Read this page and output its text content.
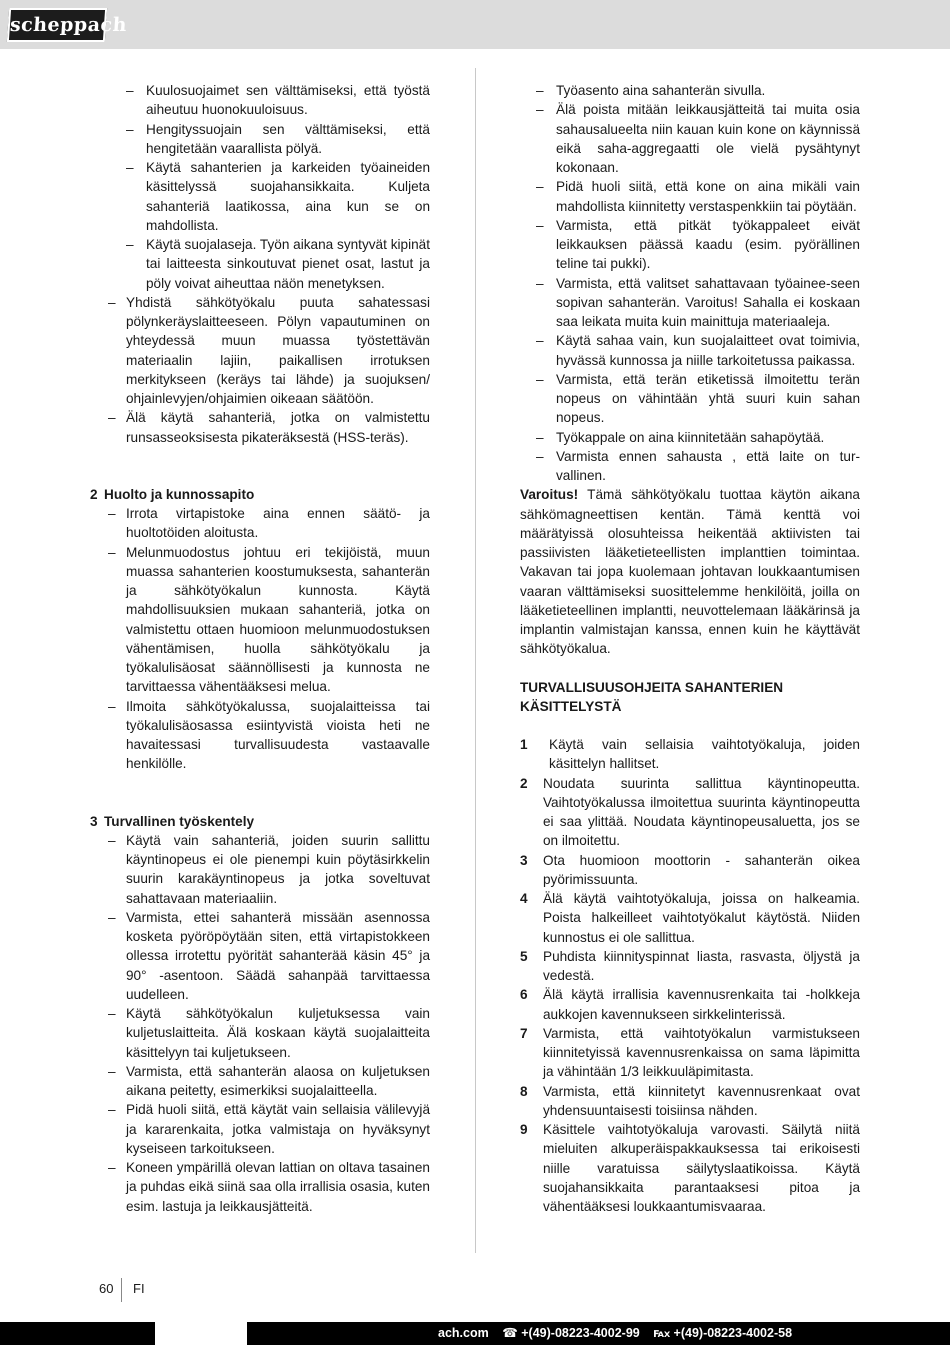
scheppach
– Kuulosuojaimet sen välttämiseksi, että työstä aiheutuu huonokuuloisuus.
– Hengityssuojain sen välttämiseksi, että hengitetään vaarallista pölyä.
– Käytä sahanterien ja karkeiden työaineiden käsittelyssä suojahansikkaita. Kuljeta sahanteriä laatikossa, aina kun se on mahdollista.
– Käytä suojalaseja. Työn aikana syntyvät kipinät tai laitteesta sinkoutuvat pienet osat, lastut ja pöly voivat aiheuttaa näön menetyksen.
– Yhdistä sähkötyökalu puuta sahatessasi pölynkeräyslaitteeseen. Pölyn vapautuminen on yhteydessä muun muassa työstettävän materiaalin lajiin, paikallisen irrotuksen merkitykseen (keräys tai lähde) ja suojuksen/ ohjainlevyjen/ohjaimien oikeaan säätöön.
– Älä käytä sahanteriä, jotka on valmistettu runsasseoksisesta pikateräksestä (HSS-teräs).
2 Huolto ja kunnossapito
– Irrota virtapistoke aina ennen säätö- ja huoltotöiden aloitusta.
– Melunmuodostus johtuu eri tekijöistä, muun muassa sahanterien koostumuksesta, sahanterän ja sähkötyökalun kunnosta. Käytä mahdollisuuksien mukaan sahanteriä, jotka on valmistettu ottaen huomioon melunmuodostuksen vähentämisen, huolla sähkötyökalu ja työkalulisäosat säännöllisesti ja kunnosta ne tarvittaessa vähentääksesi melua.
– Ilmoita sähkötyökalussa, suojalaitteissa tai työkalulisäosassa esiintyvistä vioista heti ne havaitessasi turvallisuudesta vastaavalle henkilölle.
3 Turvallinen työskentely
– Käytä vain sahanteriä, joiden suurin sallittu käyntinopeus ei ole pienempi kuin pöytäsirkkelin suurin karakäyntinopeus ja jotka soveltuvat sahattavaan materiaaliin.
– Varmista, ettei sahanterä missään asennossa kosketa pyöröpöytään siten, että virtapistokkeen ollessa irrotettu pyörität sahanterää käsin 45° ja 90° -asentoon. Säädä sahanpää tarvittaessa uudelleen.
– Käytä sähkötyökalun kuljetuksessa vain kuljetuslaitteita. Älä koskaan käytä suojalaitteita käsittelyyn tai kuljetukseen.
– Varmista, että sahanterän alaosa on kuljetuksen aikana peitetty, esimerkiksi suojalaitteella.
– Pidä huoli siitä, että käytät vain sellaisia välilevyjä ja kararenkaita, jotka valmistaja on hyväksynyt kyseiseen tarkoitukseen.
– Koneen ympärillä olevan lattian on oltava tasainen ja puhdas eikä siinä saa olla irrallisia osasia, kuten esim. lastuja ja leikkausjätteitä.
– Työasento aina sahanterän sivulla.
– Älä poista mitään leikkausjätteitä tai muita osia sahausalueelta niin kauan kuin kone on käynnissä eikä saha-aggregaatti ole vielä pysähtynyt kokonaan.
– Pidä huoli siitä, että kone on aina mikäli vain mahdollista kiinnitetty verstaspenkkiin tai pöytään.
– Varmista, että pitkät työkappaleet eivät leikkauksen päässä kaadu (esim. pyörällinen teline tai pukki).
– Varmista, että valitset sahattavaan työainee-seen sopivan sahanterän. Varoitus! Sahalla ei koskaan saa leikata muita kuin mainittuja materiaaleja.
– Käytä sahaa vain, kun suojalaitteet ovat toimivia, hyvässä kunnossa ja niille tarkoitetussa paikassa.
– Varmista, että terän etiketissä ilmoitettu terän nopeus on vähintään yhtä suuri kuin sahan nopeus.
– Työkappale on aina kiinnitetään sahapöytää.
– Varmista ennen sahausta , että laite on tur-vallinen.
Varoitus! Tämä sähkötyökalu tuottaa käytön aikana sähkömagneettisen kentän. Tämä kenttä voi määrätyissä olosuhteissa heikentää aktiivisten tai passiivisten lääketieteellisten implanttien toimintaa. Vakavan tai jopa kuolemaan johtavan loukkaantumisen vaaran välttämiseksi suosittelemme henkilöitä, joilla on lääketieteellinen implantti, neuvottelemaan lääkärinsä ja implantin valmistajan kanssa, ennen kuin he käyttävät sähkötyökalua.
TURVALLISUUSOHJEITA SAHANTERIEN
KÄSITTELYSTÄ
1 Käytä vain sellaisia vaihtotyökaluja, joiden käsittelyn hallitset.
2 Noudata suurinta sallittua käyntinopeutta. Vaihtotyökalussa ilmoitettua suurinta käyntinopeutta ei saa ylittää. Noudata käyntinopeusaluetta, jos se on ilmoitettu.
3 Ota huomioon moottorin - sahanterän oikea pyörimissuunta.
4 Älä käytä vaihtotyökaluja, joissa on halkeamia. Poista halkeilleet vaihtotyökalut käytöstä. Niiden kunnostus ei ole sallittua.
5 Puhdista kiinnityspinnat liasta, rasvasta, öljystä ja vedestä.
6 Älä käytä irrallisia kavennusrenkaita tai -holkkeja aukkojen kavennukseen sirkkelinterissä.
7 Varmista, että vaihtotyökalun varmistukseen kiinnitetyissä kavennusrenkaissa on sama läpimitta ja vähintään 1/3 leikkuuläpimitasta.
8 Varmista, että kiinnitetyt kavennusrenkaat ovat yhdensuuntaisesti toisiinsa nähden.
9 Käsittele vaihtotyökaluja varovasti. Säilytä niitä mieluiten alkuperäispakkauksessa tai erikoisesti niille varatuissa säilytyslaatikoissa. Käytä suojahansikkaita parantaaksesi pitoa ja vähentääksesi loukkaantumisvaaraa.
60 FI
ach.com ☎ +(49)-08223-4002-99 ℻ +(49)-08223-4002-58
